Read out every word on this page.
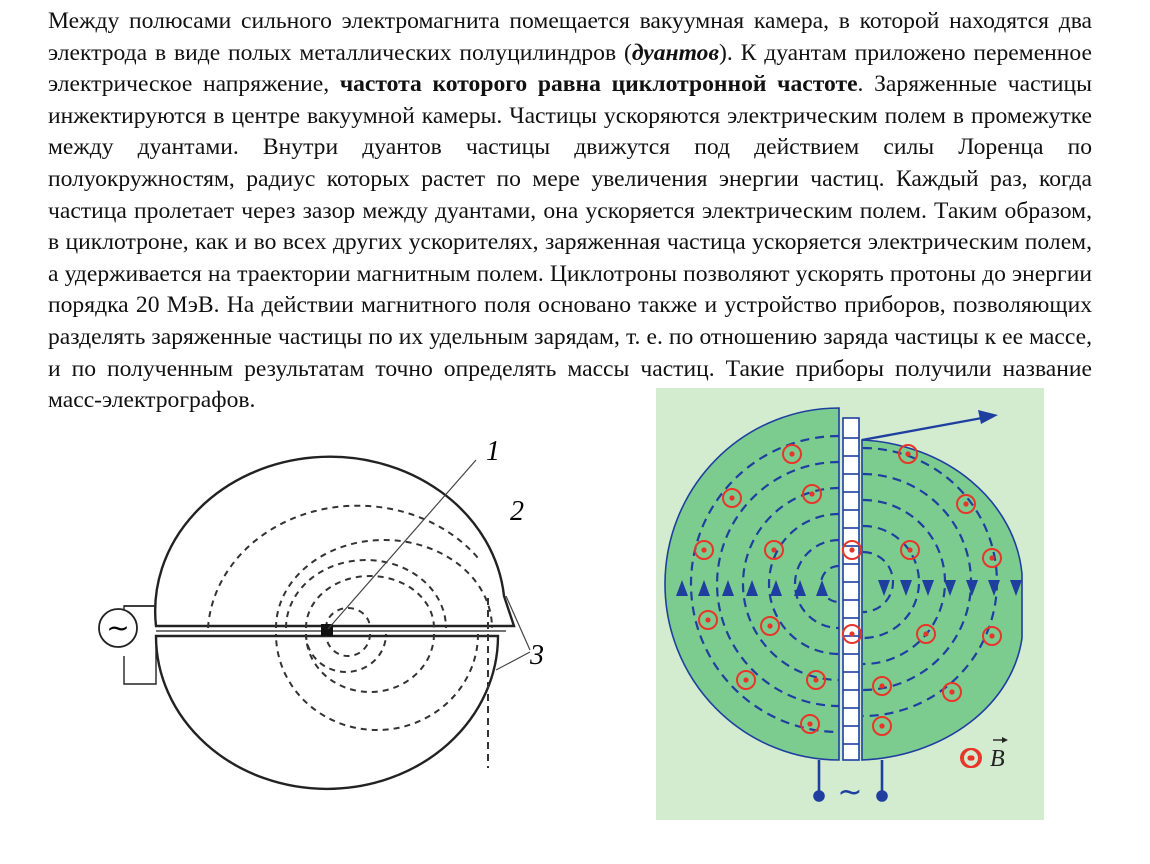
~
1
2
3
~
B

Между полюсами сильного электромагнита помещается вакуумная камера, в которой находятся два электрода в виде полых металлических полуцилиндров (дуантов). К дуантам приложено переменное электрическое напряжение, частота которого равна циклотронной частоте. Заряженные частицы инжектируются в центре вакуумной камеры. Частицы ускоряются электрическим полем в промежутке между дуантами. Внутри дуантов частицы движутся под действием силы Лоренца по полуокружностям, радиус которых растет по мере увеличения энергии частиц. Каждый раз, когда частица пролетает через зазор между дуантами, она ускоряется электрическим полем. Таким образом, в циклотроне, как и во всех других ускорителях, заряженная частица ускоряется электрическим полем, а удерживается на траектории магнитным полем. Циклотроны позволяют ускорять протоны до энергии порядка 20 МэВ. На действии магнитного поля основано также и устройство приборов, позволяющих разделять заряженные частицы по их удельным зарядам, т. е. по отношению заряда частицы к ее массе, и по полученным результатам точно определять массы частиц. Такие приборы получили название масс-электрографов.
